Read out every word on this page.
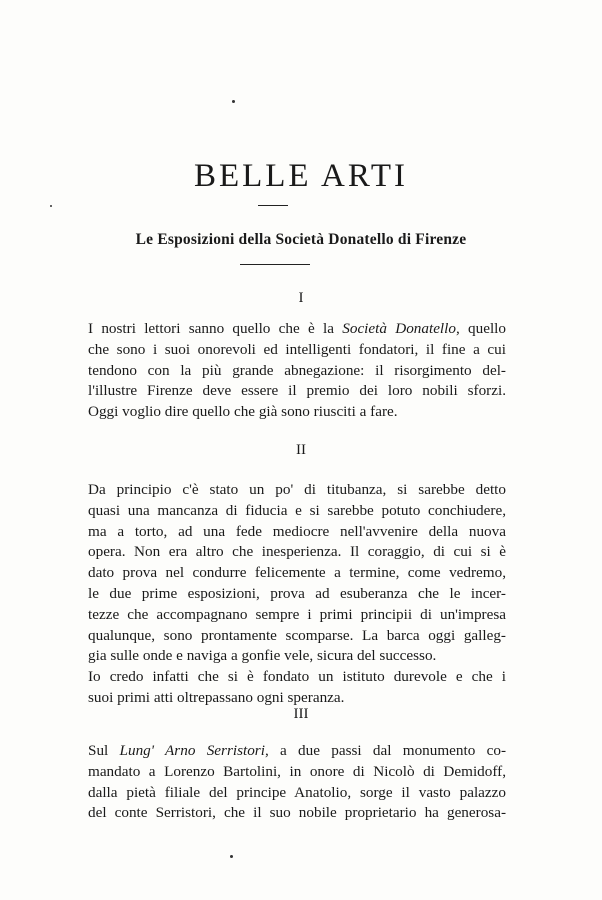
BELLE ARTI
Le Esposizioni della Società Donatello di Firenze
I
I nostri lettori sanno quello che è la Società Donatello, quello
che sono i suoi onorevoli ed intelligenti fondatori, il fine a cui
tendono con la più grande abnegazione: il risorgimento del-
l'illustre Firenze deve essere il premio dei loro nobili sforzi.
Oggi voglio dire quello che già sono riusciti a fare.
II
Da principio c'è stato un po' di titubanza, si sarebbe detto
quasi una mancanza di fiducia e si sarebbe potuto conchiudere,
ma a torto, ad una fede mediocre nell'avvenire della nuova
opera. Non era altro che inesperienza. Il coraggio, di cui si è
dato prova nel condurre felicemente a termine, come vedremo,
le due prime esposizioni, prova ad esuberanza che le incer-
tezze che accompagnano sempre i primi principii di un'impresa
qualunque, sono prontamente scomparse. La barca oggi galleg-
gia sulle onde e naviga a gonfie vele, sicura del successo.
Io credo infatti che si è fondato un istituto durevole e che i
suoi primi atti oltrepassano ogni speranza.
III
Sul Lung' Arno Serristori, a due passi dal monumento co-
mandato a Lorenzo Bartolini, in onore di Nicolò di Demidoff,
dalla pietà filiale del principe Anatolio, sorge il vasto palazzo
del conte Serristori, che il suo nobile proprietario ha generosa-
